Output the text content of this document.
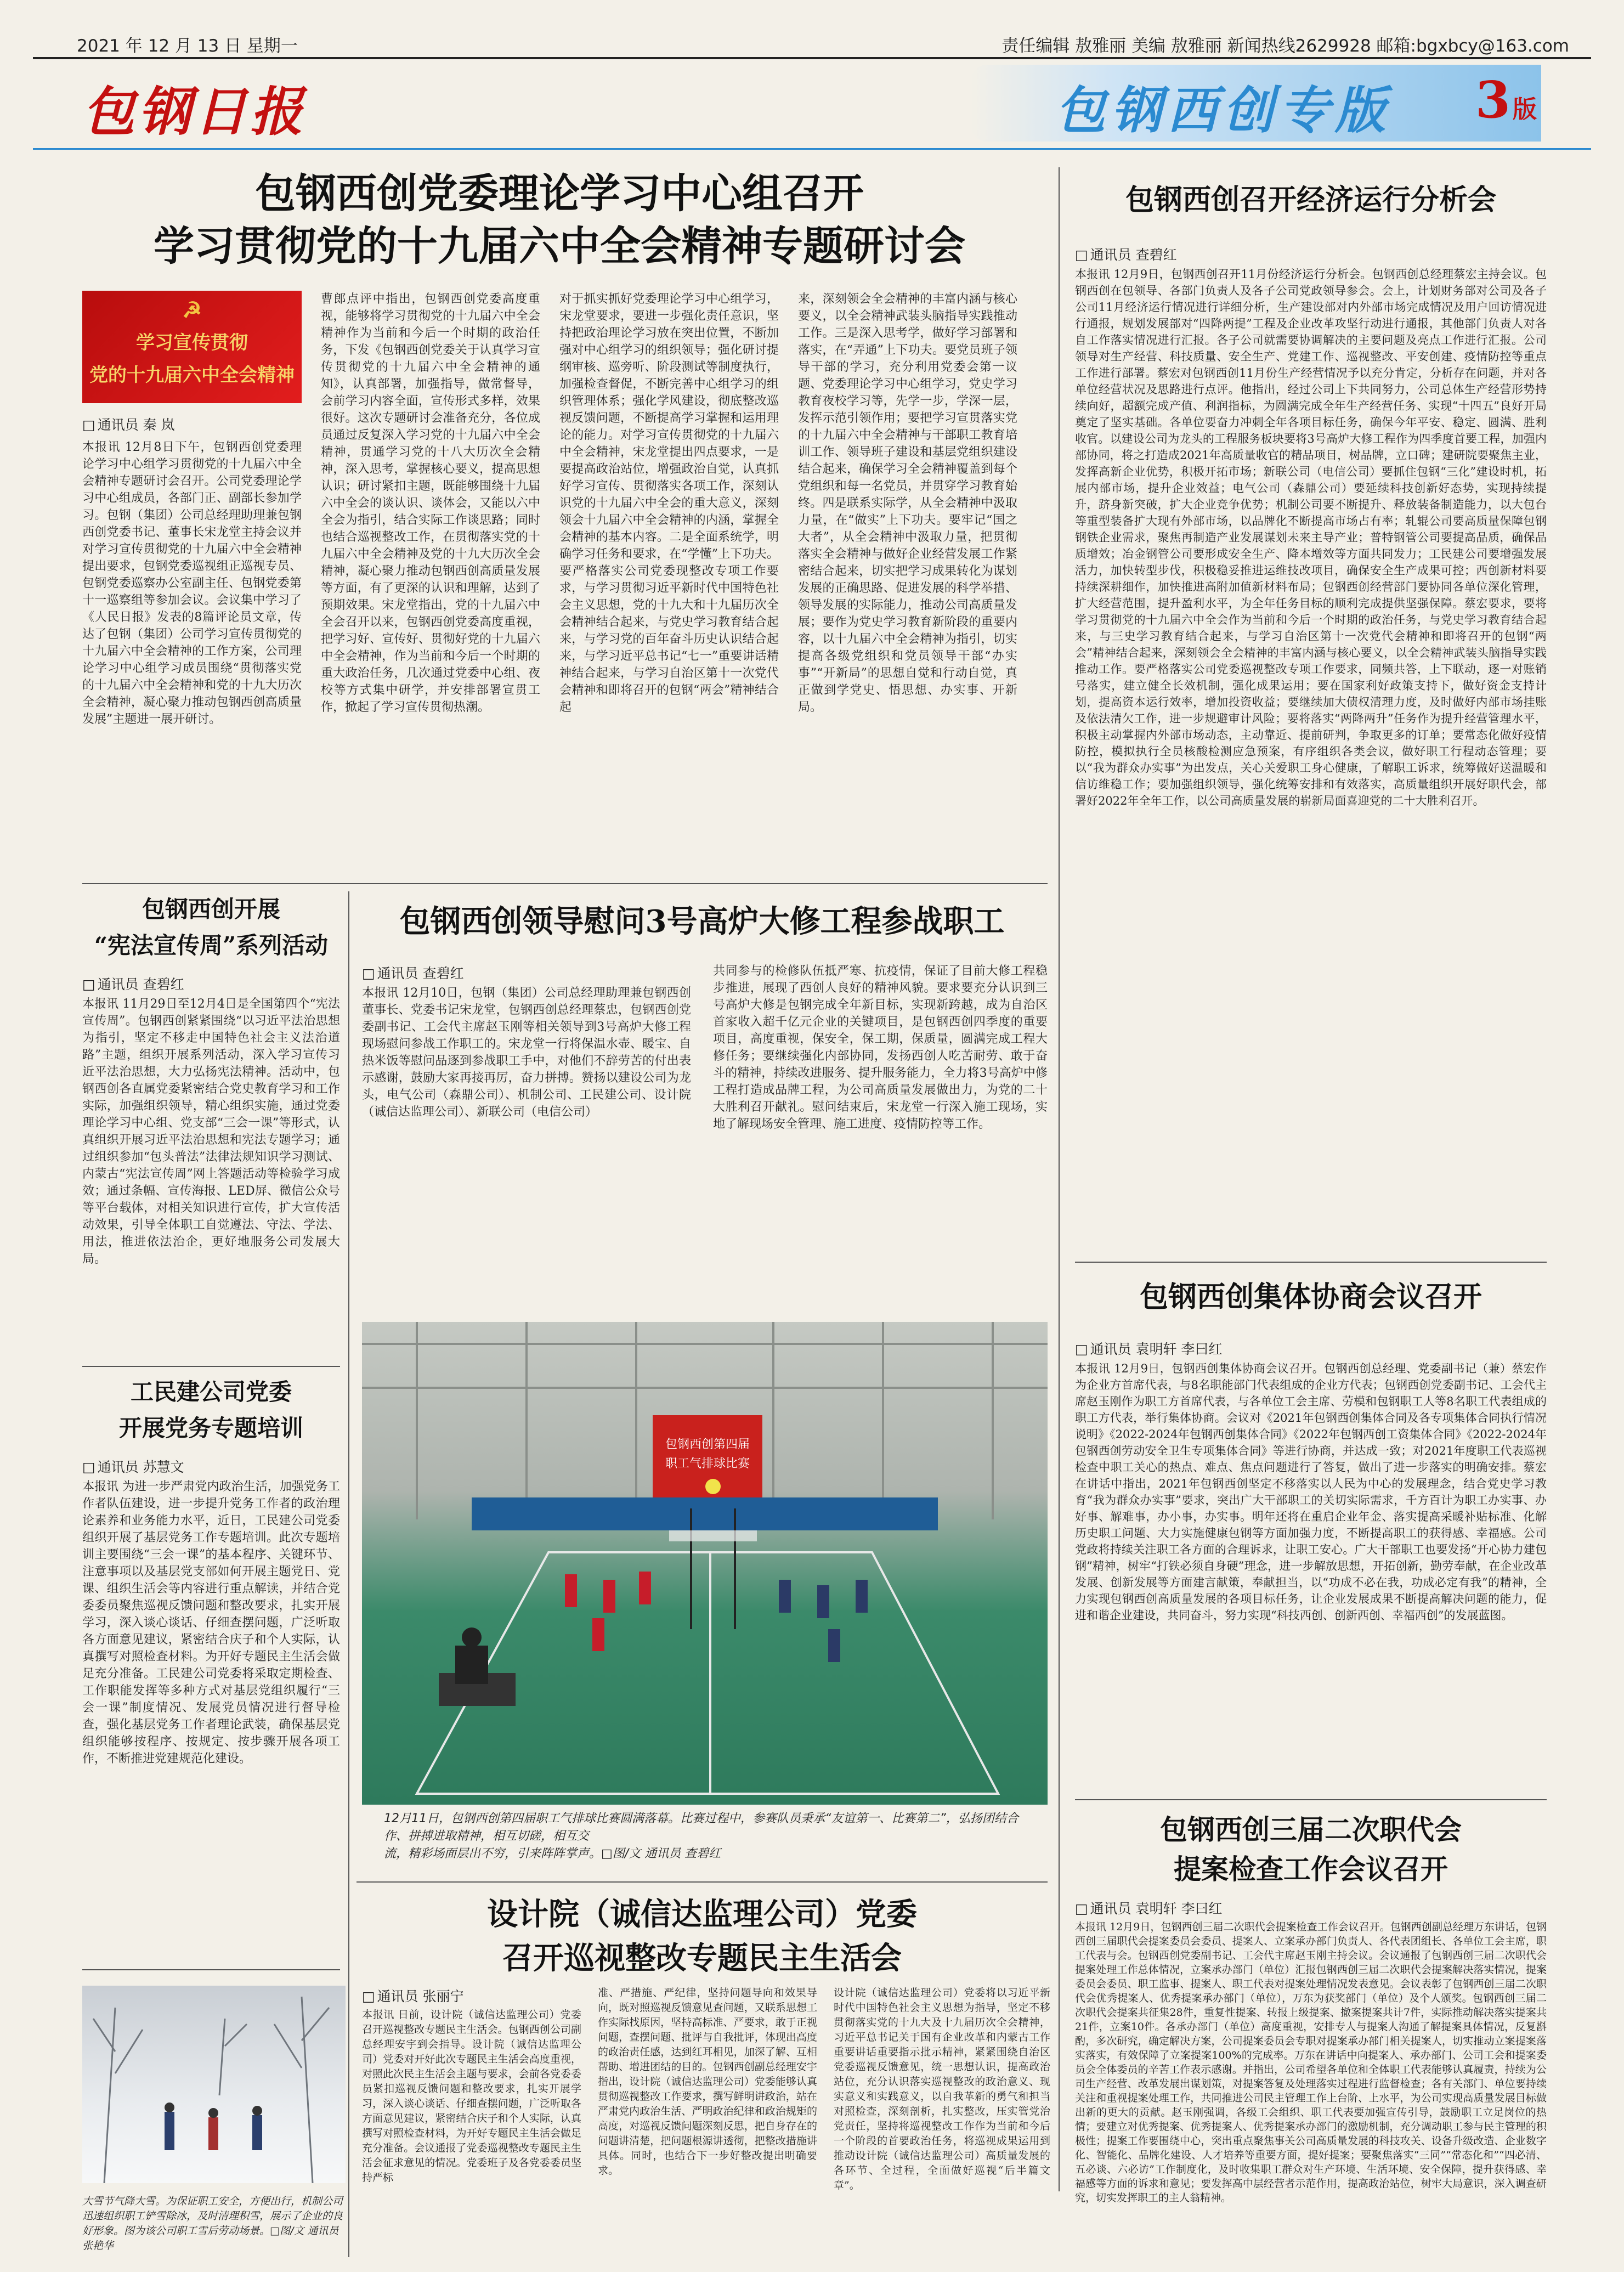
2021 年 12 月 13 日 星期一	责任编辑 敖雅丽 美编 敖雅丽 新闻热线2629928 邮箱:bgxbcy@163.com
包钢日报	包钢西创专版	3版
包钢西创党委理论学习中心组召开
学习贯彻党的十九届六中全会精神专题研讨会
☭
学习宣传贯彻
党的十九届六中全会精神
□ 通讯员 秦 岚
本报讯 12月8日下午，包钢西创党委理论学习中心组学习贯彻党的十九届六中全会精神专题研讨会召开。公司党委理论学习中心组成员，各部门正、副部长参加学习。包钢（集团）公司总经理助理兼包钢西创党委书记、董事长宋龙堂主持会议并对学习宣传贯彻党的十九届六中全会精神提出要求，包钢党委巡视组正巡视专员、包钢党委巡察办公室副主任、包钢党委第十一巡察组等参加会议。会议集中学习了《人民日报》发表的8篇评论员文章，传达了包钢（集团）公司学习宣传贯彻党的十九届六中全会精神的工作方案，公司理论学习中心组学习成员围绕“贯彻落实党的十九届六中全会精神和党的十九大历次全会精神，凝心聚力推动包钢西创高质量发展”主题进一展开研讨。
曹郎点评中指出，包钢西创党委高度重视，能够将学习贯彻党的十九届六中全会精神作为当前和今后一个时期的政治任务，下发《包钢西创党委关于认真学习宣传贯彻党的十九届六中全会精神的通知》，认真部署，加强指导，做常督导，会前学习内容全面，宣传形式多样，效果很好。这次专题研讨会准备充分，各位成员通过反复深入学习党的十九届六中全会精神，贯通学习党的十八大历次全会精神，深入思考，掌握核心要义，提高思想认识；研讨紧扣主题，既能够围绕十九届六中全会的谈认识、谈体会，又能以六中全会为指引，结合实际工作谈思路；同时也结合巡视整改工作，在贯彻落实党的十九届六中全会精神及党的十九大历次全会精神，凝心聚力推动包钢西创高质量发展等方面，有了更深的认识和理解，达到了预期效果。宋龙堂指出，党的十九届六中全会召开以来，包钢西创党委高度重视，把学习好、宣传好、贯彻好党的十九届六中全会精神，作为当前和今后一个时期的重大政治任务，几次通过党委中心组、夜校等方式集中研学，并安排部署宣贯工作，掀起了学习宣传贯彻热潮。
对于抓实抓好党委理论学习中心组学习，宋龙堂要求，要进一步强化责任意识，坚持把政治理论学习放在突出位置，不断加强对中心组学习的组织领导；强化研讨提纲审核、巡旁听、阶段测试等制度执行，加强检查督促，不断完善中心组学习的组织管理体系；强化学风建设，彻底整改巡视反馈问题，不断提高学习掌握和运用理论的能力。对学习宣传贯彻党的十九届六中全会精神，宋龙堂提出四点要求，一是要提高政治站位，增强政治自觉，认真抓好学习宣传、贯彻落实各项工作，深刻认识党的十九届六中全会的重大意义，深刻领会十九届六中全会精神的内涵，掌握全会精神的基本内容。二是全面系统学，明确学习任务和要求，在“学懂”上下功夫。要严格落实公司党委现整改专项工作要求，与学习贯彻习近平新时代中国特色社会主义思想，党的十九大和十九届历次全会精神结合起来，与党史学习教育结合起来，与学习党的百年奋斗历史认识结合起来，与学习近平总书记“七一”重要讲话精神结合起来，与学习自治区第十一次党代会精神和即将召开的包钢“两会”精神结合起
来，深刻领会全会精神的丰富内涵与核心要义，以全会精神武装头脑指导实践推动工作。三是深入思考学，做好学习部署和落实，在“弄通”上下功夫。要党员班子领导干部的学习，充分利用党委会第一议题、党委理论学习中心组学习，党史学习教育夜校学习等，先学一步，学深一层，发挥示范引领作用；要把学习宣贯落实党的十九届六中全会精神与干部职工教育培训工作、领导班子建设和基层党组织建设结合起来，确保学习全会精神覆盖到每个党组织和每一名党员，并贯穿学习教育始终。四是联系实际学，从全会精神中汲取力量，在“做实”上下功夫。要牢记“国之大者”，从全会精神中汲取力量，把贯彻落实全会精神与做好企业经营发展工作紧密结合起来，切实把学习成果转化为谋划发展的正确思路、促进发展的科学举措、领导发展的实际能力，推动公司高质量发展；要作为党史学习教育新阶段的重要内容，以十九届六中全会精神为指引，切实提高各级党组织和党员领导干部“办实事”“开新局”的思想自觉和行动自觉，真正做到学党史、悟思想、办实事、开新局。
包钢西创开展
“宪法宣传周”系列活动
□ 通讯员 查碧红
本报讯 11月29日至12月4日是全国第四个“宪法宣传周”。包钢西创紧紧围绕“以习近平法治思想为指引，坚定不移走中国特色社会主义法治道路”主题，组织开展系列活动，深入学习宣传习近平法治思想，大力弘扬宪法精神。活动中，包钢西创各直属党委紧密结合党史教育学习和工作实际，加强组织领导，精心组织实施，通过党委理论学习中心组、党支部“三会一课”等形式，认真组织开展习近平法治思想和宪法专题学习；通过组织参加“包头普法”法律法规知识学习测试、内蒙古“宪法宣传周”网上答题活动等检验学习成效；通过条幅、宣传海报、LED屏、微信公众号等平台载体，对相关知识进行宣传，扩大宣传活动效果，引导全体职工自觉遵法、守法、学法、用法，推进依法治企，更好地服务公司发展大局。
工民建公司党委
开展党务专题培训
□ 通讯员 苏慧文
本报讯 为进一步严肃党内政治生活，加强党务工作者队伍建设，进一步提升党务工作者的政治理论素养和业务能力水平，近日，工民建公司党委组织开展了基层党务工作专题培训。此次专题培训主要围绕“三会一课”的基本程序、关键环节、注意事项以及基层党支部如何开展主题党日、党课、组织生活会等内容进行重点解读，并结合党委委员聚焦巡视反馈问题和整改要求，扎实开展学习，深入谈心谈话、仔细查摆问题，广泛听取各方面意见建议，紧密结合庆子和个人实际，认真撰写对照检查材料。为开好专题民主生活会做足充分准备。工民建公司党委将采取定期检查、工作职能发挥等多种方式对基层党组织履行“三会一课”制度情况、发展党员情况进行督导检查，强化基层党务工作者理论武装，确保基层党组织能够按程序、按规定、按步骤开展各项工作，不断推进党建规范化建设。
大雪节气降大雪。为保证职工安全，方便出行，机制公司迅速组织职工铲雪除冰，及时清理积雪，展示了企业的良好形象。图为该公司职工雪后劳动场景。□图/文 通讯员 张艳华
包钢西创领导慰问3号高炉大修工程参战职工
□ 通讯员 查碧红
本报讯 12月10日，包钢（集团）公司总经理助理兼包钢西创董事长、党委书记宋龙堂，包钢西创总经理蔡忠，包钢西创党委副书记、工会代主席赵玉刚等相关领导到3号高炉大修工程现场慰问参战工作职工的。宋龙堂一行将保温水壶、暖宝、自热米饭等慰问品逐到参战职工手中，对他们不辞劳苦的付出表示感谢，鼓励大家再接再厉，奋力拼搏。赞扬以建设公司为龙头，电气公司（森鼎公司）、机制公司、工民建公司、设计院（诚信达监理公司）、新联公司（电信公司）
共同参与的检修队伍抵严寒、抗疫情，保证了目前大修工程稳步推进，展现了西创人良好的精神风貌。要求要充分认识到三号高炉大修是包钢完成全年新目标，实现新跨越，成为自治区首家收入超千亿元企业的关键项目，是包钢西创四季度的重要项目，高度重视，保安全，保工期，保质量，圆满完成工程大修任务；要继续强化内部协同，发扬西创人吃苦耐劳、敢于奋斗的精神，持续改进服务、提升服务能力，全力将3号高炉中修工程打造成品牌工程，为公司高质量发展做出力，为党的二十大胜利召开献礼。慰问结束后，宋龙堂一行深入施工现场，实地了解现场安全管理、施工进度、疫情防控等工作。
包钢西创第四届
职工气排球比赛
12月11日，包钢西创第四届职工气排球比赛圆满落幕。比赛过程中，参赛队员秉承“友谊第一、比赛第二”，弘扬团结合作、拼搏进取精神，相互切磋，相互交
流，精彩场面层出不穷，引来阵阵掌声。□图/文 通讯员 查碧红
设计院（诚信达监理公司）党委
召开巡视整改专题民主生活会
□ 通讯员 张丽宁
本报讯 日前，设计院（诚信达监理公司）党委召开巡视整改专题民主生活会。包钢西创公司副总经理安宇到会指导。设计院（诚信达监理公司）党委对开好此次专题民主生活会高度重视，对照此次民主生活会主题与要求，会前各党委委员紧扣巡视反馈问题和整改要求，扎实开展学习，深入谈心谈话、仔细查摆问题，广泛听取各方面意见建议，紧密结合庆子和个人实际，认真撰写对照检查材料，为开好专题民主生活会做足充分准备。会议通报了党委巡视整改专题民主生活会征求意见的情况。党委班子及各党委委员坚持严标
准、严措施、严纪律，坚持问题导向和效果导向，既对照巡视反馈意见查问题，又联系思想工作实际找原因，坚持高标准、严要求，敢于正视问题，查摆问题、批评与自我批评，体现出高度的政治责任感，达到红耳相见，加深了解、互相帮助、增进团结的目的。包钢西创副总经理安宇指出，设计院（诚信达监理公司）党委能够认真贯彻巡视整改工作要求，撰写鲜明讲政治，站在严肃党内政治生活、严明政治纪律和政治规矩的高度，对巡视反馈问题深刻反思，把自身存在的问题讲清楚，把问题根源讲透彻，把整改措施讲具体。同时，也结合下一步好整改提出明确要求。
设计院（诚信达监理公司）党委将以习近平新时代中国特色社会主义思想为指导，坚定不移贯彻落实党的十九大及十九届历次全会精神，习近平总书记关于国有企业改革和内蒙古工作重要讲话重要指示批示精神，紧紧围绕自治区党委巡视反馈意见，统一思想认识，提高政治站位，充分认识落实巡视整改的政治意义、现实意义和实践意义，以自我革新的勇气和担当对照检查，深刻剖析，扎实整改，压实管党治党责任，坚持将巡视整改工作作为当前和今后一个阶段的首要政治任务，将巡视成果运用到推动设计院（诚信达监理公司）高质量发展的各环节、全过程，全面做好巡视“后半篇文章”。
包钢西创召开经济运行分析会
□ 通讯员 查碧红
本报讯 12月9日，包钢西创召开11月份经济运行分析会。包钢西创总经理蔡宏主持会议。包钢西创在包领导、各部门负责人及各子公司党政领导参会。会上，计划财务部对公司及各子公司11月经济运行情况进行详细分析，生产建设部对内外部市场完成情况及用户回访情况进行通报，规划发展部对“四降两提”工程及企业改革攻坚行动进行通报，其他部门负责人对各自工作落实情况进行汇报。各子公司就需要协调解决的主要问题及亮点工作进行汇报。公司领导对生产经营、科技质量、安全生产、党建工作、巡视整改、平安创建、疫情防控等重点工作进行部署。蔡宏对包钢西创11月份生产经营情况予以充分肯定，分析存在问题，并对各单位经营状况及思路进行点评。他指出，经过公司上下共同努力，公司总体生产经营形势持续向好，超额完成产值、利润指标，为圆满完成全年生产经营任务、实现“十四五”良好开局奠定了坚实基础。各单位要奋力冲刺全年各项目标任务，确保今年平安、稳定、圆满、胜利收官。以建设公司为龙头的工程服务板块要将3号高炉大修工程作为四季度首要工程，加强内部协同，将之打造成2021年高质量收官的精品项目，树品牌，立口碑；建研院要聚焦主业，发挥高新企业优势，积极开拓市场；新联公司（电信公司）要抓住包钢“三化”建设时机，拓展内部市场，提升企业效益；电气公司（森鼎公司）要延续科技创新好态势，实现持续提升，跻身新突破，扩大企业竞争优势；机制公司要不断提升、释放装备制造能力，以大包台等重型装备扩大现有外部市场，以品牌化不断提高市场占有率；轧辊公司要高质量保障包钢钢铁企业需求，聚焦再制造产业发展谋划未来主导产业；普特钢管公司要提高品质，确保品质增效；冶金钢管公司要形成安全生产、降本增效等方面共同发力；工民建公司要增强发展活力，加快转型步伐，积极稳妥推进运维技改项目，确保安全生产成果可控；西创新材料要持续深耕细作，加快推进高附加值新材料布局；包钢西创经营部门要协同各单位深化管理，扩大经营范围，提升盈利水平，为全年任务目标的顺利完成提供坚强保障。蔡宏要求，要将学习贯彻党的十九届六中全会作为当前和今后一个时期的政治任务，与党史学习教育结合起来，与三史学习教育结合起来，与学习自治区第十一次党代会精神和即将召开的包钢“两会”精神结合起来，深刻领会全会精神的丰富内涵与核心要义，以全会精神武装头脑指导实践推动工作。要严格落实公司党委巡视整改专项工作要求，同频共答，上下联动，逐一对账销号落实，建立健全长效机制，强化成果运用；要在国家利好政策支持下，做好资金支持计划，提高资本运行效率，增加投资收益；要继续加大债权清理力度，及时做好内部市场挂账及依法清欠工作，进一步规避审计风险；要将落实“两降两升”任务作为提升经营管理水平，积极主动掌握内外部市场动态，主动靠近、提前研判，争取更多的订单；要常态化做好疫情防控，模拟执行全员核酸检测应急预案，有序组织各类会议，做好职工行程动态管理；要以“我为群众办实事”为出发点，关心关爱职工身心健康，了解职工诉求，统筹做好送温暖和信访维稳工作；要加强组织领导，强化统筹安排和有效落实，高质量组织开展好职代会，部署好2022年全年工作，以公司高质量发展的崭新局面喜迎党的二十大胜利召开。
包钢西创集体协商会议召开
□ 通讯员 袁明轩 李曰红
本报讯 12月9日，包钢西创集体协商会议召开。包钢西创总经理、党委副书记（兼）蔡宏作为企业方首席代表，与8名职能部门代表组成的企业方代表；包钢西创党委副书记、工会代主席赵玉刚作为职工方首席代表，与各单位工会主席、劳模和包钢职工人等8名职工代表组成的职工方代表，举行集体协商。会议对《2021年包钢西创集体合同及各专项集体合同执行情况说明》《2022-2024年包钢西创集体合同》《2022年包钢西创工资集体合同》《2022-2024年包钢西创劳动安全卫生专项集体合同》等进行协商，并达成一致；对2021年度职工代表巡视检查中职工关心的热点、难点、焦点问题进行了答复，做出了进一步落实的明确安排。蔡宏在讲话中指出，2021年包钢西创坚定不移落实以人民为中心的发展理念，结合党史学习教育“我为群众办实事”要求，突出广大干部职工的关切实际需求，千方百计为职工办实事、办好事、解难事，办小事，办实事。明年还将在重启企业年金、落实提高采暖补贴标准、化解历史职工问题、大力实施健康包钢等方面加强力度，不断提高职工的获得感、幸福感。公司党政将持续关注职工各方面的合理诉求，让职工安心。广大干部职工也要发扬“开心协力建包钢”精神，树牢“打铁必须自身硬”理念，进一步解放思想，开拓创新，勤劳奉献，在企业改革发展、创新发展等方面建言献策，奉献担当，以“功成不必在我，功成必定有我”的精神，全力实现包钢西创高质量发展的各项目标任务，让企业发展成果不断提高解决问题的能力，促进和谐企业建设，共同奋斗，努力实现“科技西创、创新西创、幸福西创”的发展蓝图。
包钢西创三届二次职代会
提案检查工作会议召开
□ 通讯员 袁明轩 李曰红
本报讯 12月9日，包钢西创三届二次职代会提案检查工作会议召开。包钢西创副总经理万东讲话，包钢西创三届职代会提案委员会委员、提案人、立案承办部门负责人、各代表团组长、各单位工会主席，职工代表与会。包钢西创党委副书记、工会代主席赵玉刚主持会议。会议通报了包钢西创三届二次职代会提案处理工作总体情况，立案承办部门（单位）汇报包钢西创三届二次职代会提案解决落实情况，提案委员会委员、职工监事、提案人、职工代表对提案处理情况发表意见。会议表彰了包钢西创三届二次职代会优秀提案人、优秀提案承办部门（单位），万东为获奖部门（单位）及个人颁奖。包钢西创三届二次职代会提案共征集28件，重复性提案、转报上级提案、撤案提案共计7件，实际推动解决落实提案共21件，立案10件。各承办部门（单位）高度重视，安排专人与提案人沟通了解提案具体情况，反复斟酌，多次研究，确定解决方案，公司提案委员会专职对提案承办部门相关提案人，切实推动立案提案落实落实，有效保障了立案提案100%的完成率。万东在讲话中向提案人、承办部门、公司工会和提案委员会全体委员的辛苦工作表示感谢。并指出，公司希望各单位和全体职工代表能够认真履责，持续为公司生产经营、改革发展出谋划策，对提案答复及处理落实过程进行监督检查；各有关部门、单位要持续关注和重视提案处理工作，共同推进公司民主管理工作上台阶、上水平，为公司实现高质量发展目标做出新的更大的贡献。赵玉刚强调，各级工会组织、职工代表要加强宣传引导，鼓励职工立足岗位的热情；要建立对优秀提案、优秀提案人、优秀提案承办部门的激励机制，充分调动职工参与民主管理的积极性；提案工作要围绕中心，突出重点聚焦事关公司高质量发展的科技攻关、设备升级改造、企业数字化、智能化、品牌化建设、人才培养等重要方面，提好提案；要聚焦落实“三同”“常态化和”“四必清、五必谈、六必访”工作制度化，及时收集职工群众对生产环境、生活环境、安全保障，提升获得感、幸福感等方面的诉求和意见；要发挥高中层经营者示范作用，提高政治站位，树牢大局意识，深入调查研究，切实发挥职工的主人翁精神。
